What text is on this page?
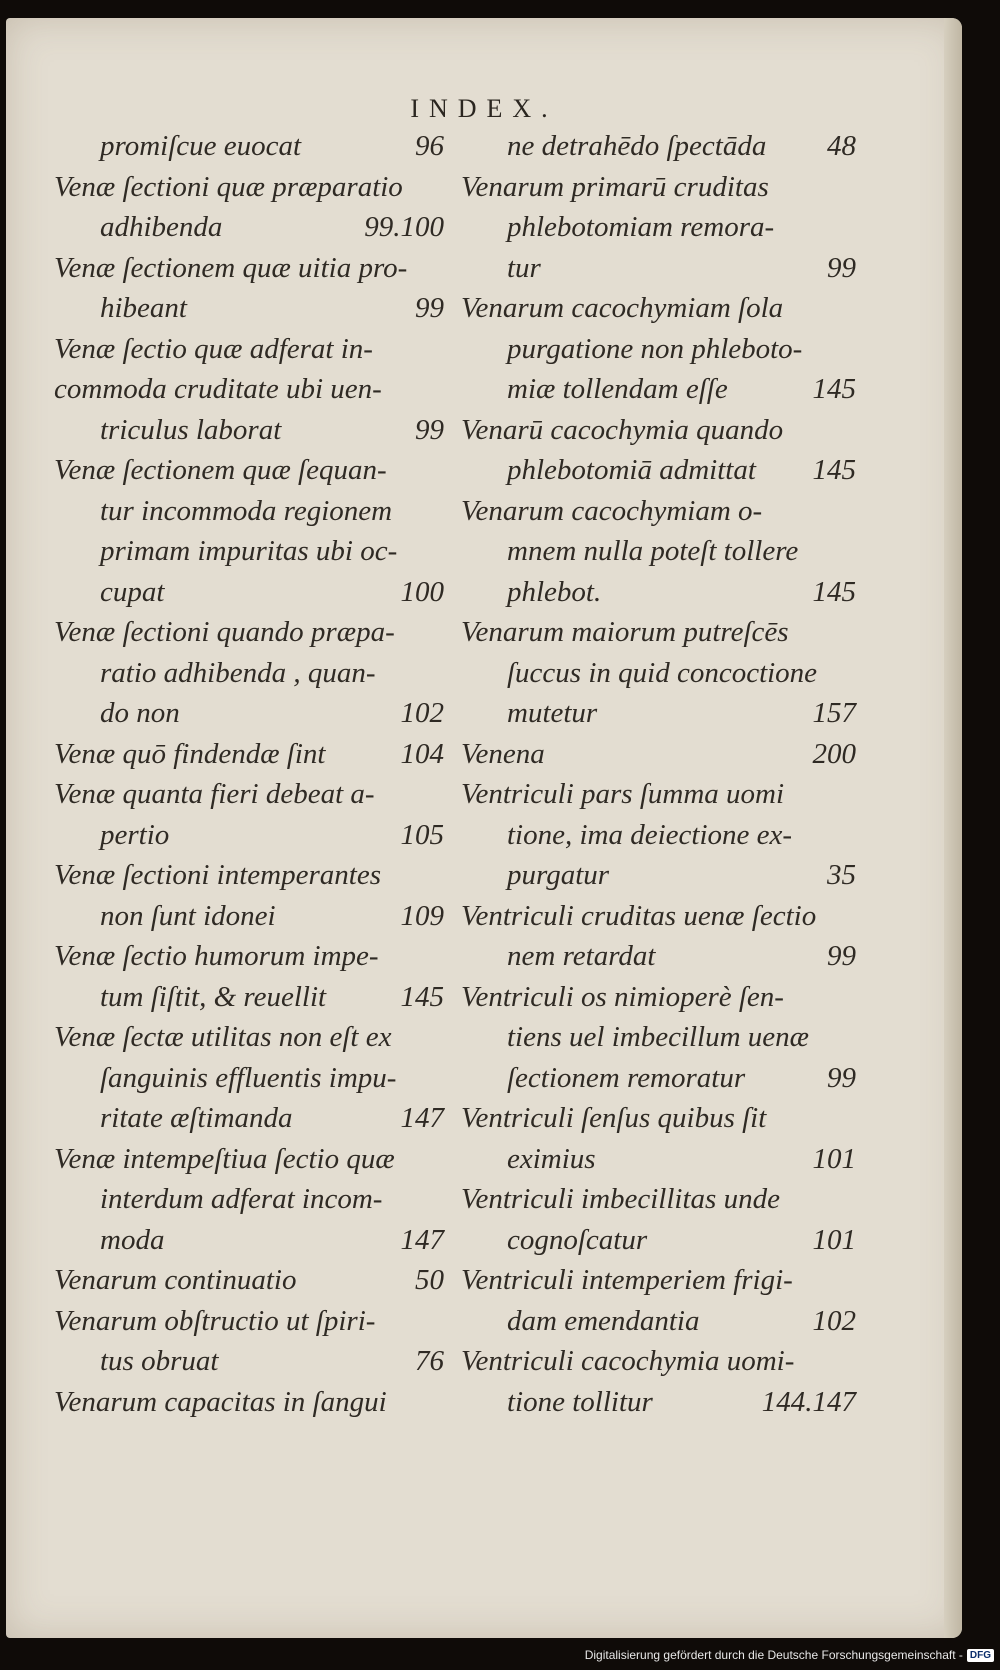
INDEX.
promiſcue euocat	96
Venæ ſectioni quæ præparatio
adhibenda	99.100
Venæ ſectionem quæ uitia pro-
hibeant	99
Venæ ſectio quæ adferat in-
commoda cruditate ubi uen-
triculus laborat	99
Venæ ſectionem quæ ſequan-
tur incommoda regionem
primam impuritas ubi oc-
cupat	100
Venæ ſectioni quando præpa-
ratio adhibenda , quan-
do non	102
Venæ quō findendæ ſint	104
Venæ quanta fieri debeat a-
pertio	105
Venæ ſectioni intemperantes
non ſunt idonei	109
Venæ ſectio humorum impe-
tum ſiſtit, & reuellit	145
Venæ ſectæ utilitas non eſt ex
ſanguinis effluentis impu-
ritate æſtimanda	147
Venæ intempeſtiua ſectio quæ
interdum adferat incom-
moda	147
Venarum continuatio	50
Venarum obſtructio ut ſpiri-
tus obruat	76
Venarum capacitas in ſangui
ne detrahēdo ſpectāda	48
Venarum primarū cruditas
phlebotomiam remora-
tur	99
Venarum cacochymiam ſola
purgatione non phleboto-
miæ tollendam eſſe	145
Venarū cacochymia quando
phlebotomiā admittat	145
Venarum cacochymiam o-
mnem nulla poteſt tollere
phlebot.	145
Venarum maiorum putreſcēs
ſuccus in quid concoctione
mutetur	157
Venena	200
Ventriculi pars ſumma uomi
tione, ima deiectione ex-
purgatur	35
Ventriculi cruditas uenæ ſectio
nem retardat	99
Ventriculi os nimioperè ſen-
tiens uel imbecillum uenæ
ſectionem remoratur	99
Ventriculi ſenſus quibus ſit
eximius	101
Ventriculi imbecillitas unde
cognoſcatur	101
Ventriculi intemperiem frigi-
dam emendantia	102
Ventriculi cacochymia uomi-
tione tollitur	144.147
Digitalisierung gefördert durch die Deutsche Forschungsgemeinschaft - DFG
